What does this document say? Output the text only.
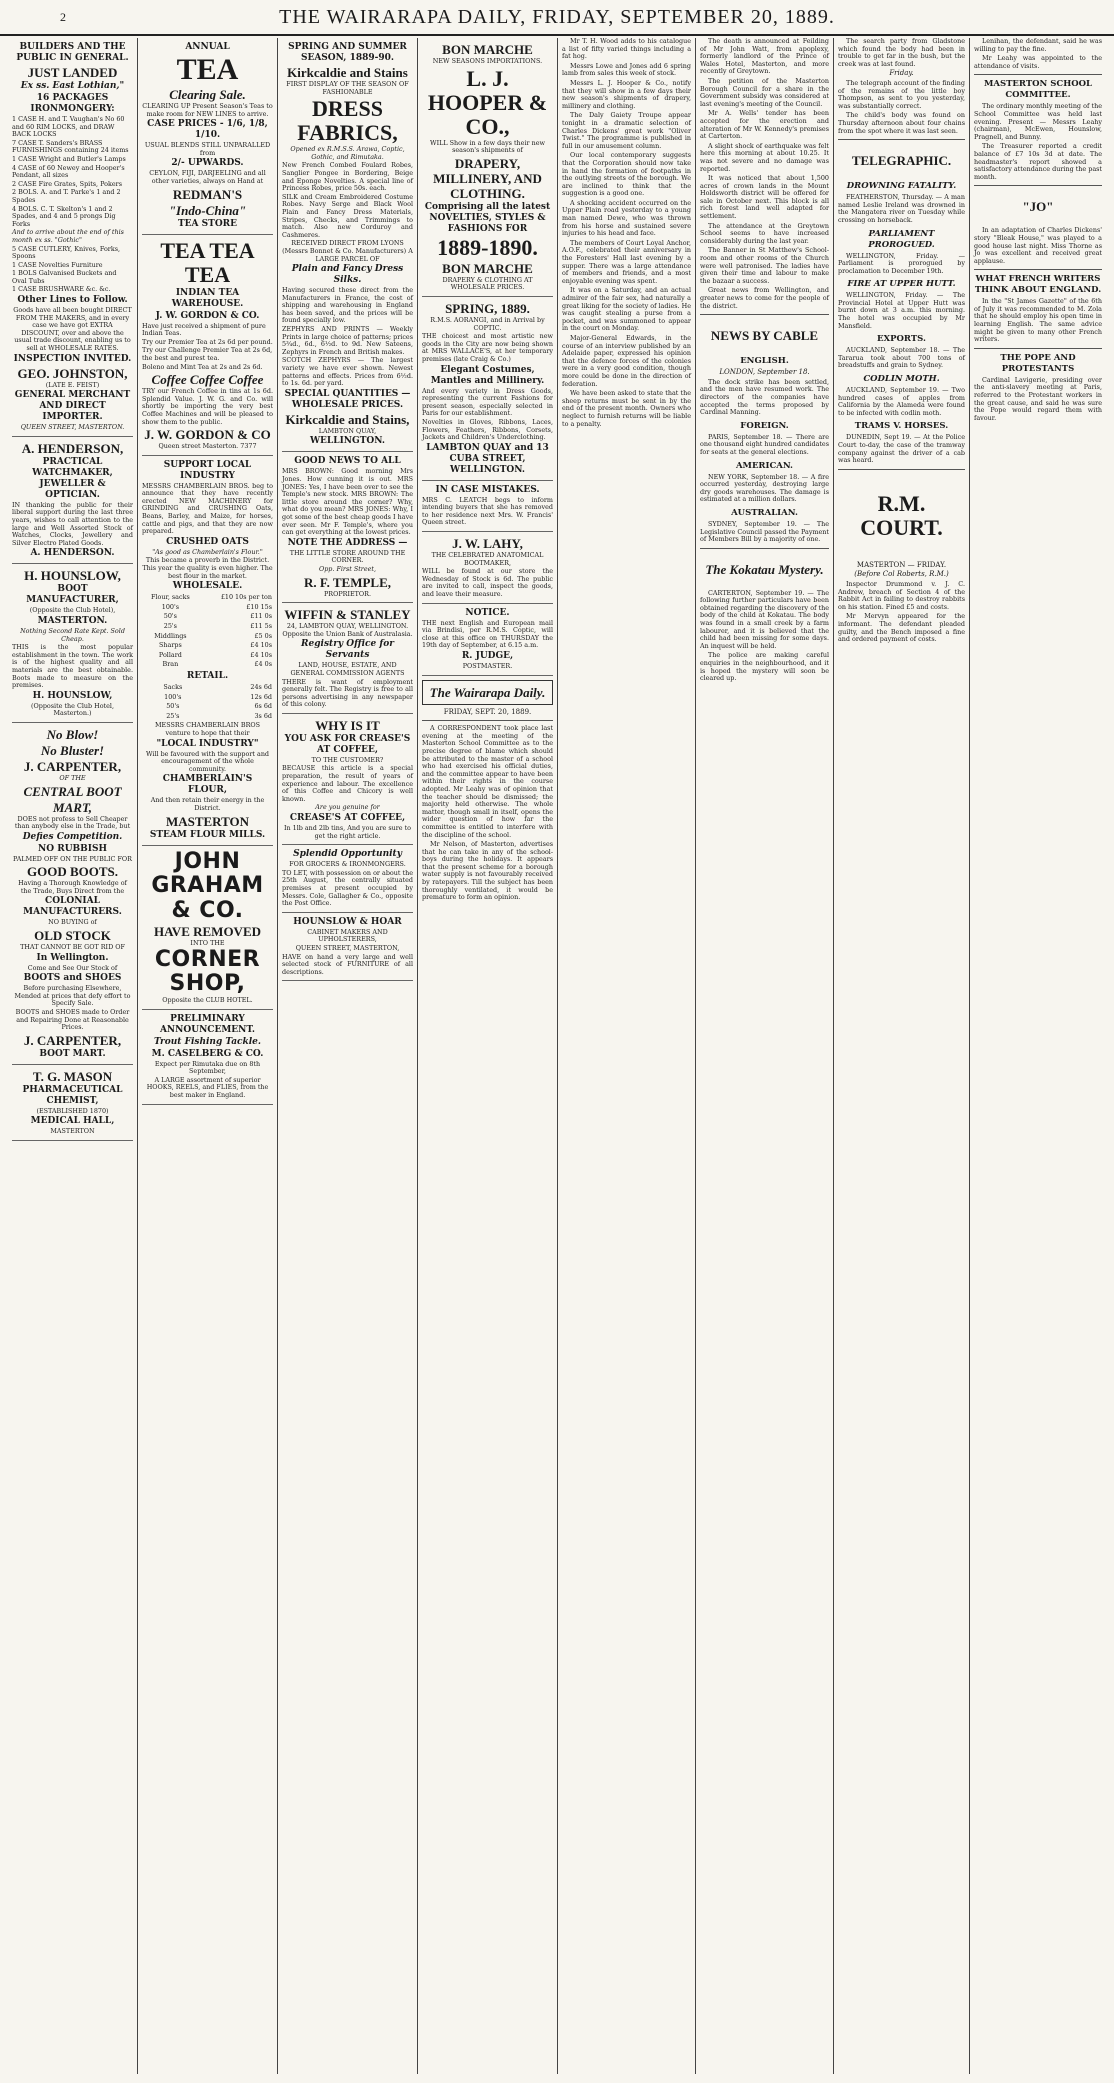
2	THE WAIRARAPA DAILY, FRIDAY, SEPTEMBER 20, 1889.

BUILDERS AND THE PUBLIC IN GENERAL.

JUST LANDED

Ex ss. East Lothian,"

16 PACKAGES IRONMONGERY:

1 CASE H. and T. Vaughan's No 60 and 60 RIM LOCKS, and DRAW BACK LOCKS

7 CASE T. Sanders's BRASS FURNISHINGS containing 24 items

1 CASE Wright and Butler's Lamps

4 CASE of 60 Newey and Hooper's Pendant, all sizes

2 CASE Fire Grates, Spits, Pokers

2 BOLS. A. and T. Parke's 1 and 2 Spades

4 BOLS. C. T. Skelton's 1 and 2 Spades, and 4 and 5 prongs Dig Forks

And to arrive about the end of this month ex ss. "Gothic"

5 CASE CUTLERY, Knives, Forks, Spoons

1 CASE Novelties Furniture

1 BOLS Galvanised Buckets and Oval Tubs

1 CASE BRUSHWARE &c. &c.

Other Lines to Follow.

Goods have all been bought DIRECT FROM THE MAKERS, and in every case we have got EXTRA DISCOUNT, over and above the usual trade discount, enabling us to sell at WHOLESALE RATES.

INSPECTION INVITED.

GEO. JOHNSTON,

(LATE E. FEIST)

GENERAL MERCHANT AND DIRECT IMPORTER.

QUEEN STREET, MASTERTON.

A. HENDERSON,

PRACTICAL WATCHMAKER, JEWELLER & OPTICIAN.

IN thanking the public for their liberal support during the last three years, wishes to call attention to the large and Well Assorted Stock of Watches, Clocks, Jewellery and Silver Electro Plated Goods.

A. HENDERSON.

H. HOUNSLOW,

BOOT MANUFACTURER,

(Opposite the Club Hotel),

MASTERTON.

Nothing Second Rate Kept. Sold Cheap.

THIS is the most popular establishment in the town. The work is of the highest quality and all materials are the best obtainable. Boots made to measure on the premises.

H. HOUNSLOW,

(Opposite the Club Hotel, Masterton.)

No Blow!

No Bluster!

J. CARPENTER,

OF THE

CENTRAL BOOT

MART,

DOES not profess to Sell Cheaper than anybody else in the Trade, but

Defies Competition.

NO RUBBISH

PALMED OFF ON THE PUBLIC FOR

GOOD BOOTS.

Having a Thorough Knowledge of the Trade, Buys Direct from the

COLONIAL MANUFACTURERS.

NO BUYING of

OLD STOCK

THAT CANNOT BE GOT RID OF

In Wellington.

Come and See Our Stock of

BOOTS and SHOES

Before purchasing Elsewhere, Mended at prices that defy effort to Specify Sale.

BOOTS and SHOES made to Order and Repairing Done at Reasonable Prices.

J. CARPENTER,

BOOT MART.

T. G. MASON

PHARMACEUTICAL CHEMIST,

(ESTABLISHED 1870)

MEDICAL HALL,

MASTERTON

ANNUAL

TEA

Clearing Sale.

CLEARING UP Present Season's Teas to make room for NEW LINES to arrive.

CASE PRICES - 1/6, 1/8, 1/10.

USUAL BLENDS STILL UNPARALLED from

2/- UPWARDS.

CEYLON, FIJI, DARJEELING and all other varieties, always on Hand at

REDMAN'S

"Indo-China"

TEA STORE

TEA TEA TEA

INDIAN TEA WAREHOUSE.

J. W. GORDON & CO.

Have just received a shipment of pure Indian Teas.

Try our Premier Tea at 2s 6d per pound.

Try our Challenge Premier Tea at 2s 6d, the best and purest tea.

Boleno and Mint Tea at 2s and 2s 6d.

Coffee Coffee Coffee

TRY our French Coffee in tins at 1s 6d. Splendid Value. J. W. G. and Co. will shortly be importing the very best Coffee Machines and will be pleased to show them to the public.

J. W. GORDON & CO

Queen street Masterton. 7377

SUPPORT LOCAL INDUSTRY

MESSRS CHAMBERLAIN BROS. beg to announce that they have recently erected NEW MACHINERY for GRINDING and CRUSHING Oats, Beans, Barley, and Maize, for horses, cattle and pigs, and that they are now prepared.

CRUSHED OATS

"As good as Chamberlain's Flour."

This became a proverb in the District. This year the quality is even higher. The best flour in the market.

WHOLESALE.

Flour, sacks	£10 10s per ton
100's	£10 15s
50's	£11 0s
25's	£11 5s
Middlings	£5 0s
Sharps	£4 10s
Pollard	£4 10s
Bran	£4 0s

RETAIL.

Sacks	24s 6d
100's	12s 6d
50's	6s 6d
25's	3s 6d

MESSRS CHAMBERLAIN BROS venture to hope that their

"LOCAL INDUSTRY"

Will be favoured with the support and encouragement of the whole community.

CHAMBERLAIN'S FLOUR,

And then retain their energy in the District.

MASTERTON

STEAM FLOUR MILLS.

JOHN GRAHAM

& CO.

HAVE REMOVED

INTO THE

CORNER SHOP,

Opposite the CLUB HOTEL.

PRELIMINARY ANNOUNCEMENT.

Trout Fishing Tackle.

M. CASELBERG & CO.

Expect per Rimutaka due on 8th September,

A LARGE assortment of superior HOOKS, REELS, and FLIES, from the best maker in England.

SPRING AND SUMMER SEASON, 1889-90.

Kirkcaldie and Stains

FIRST DISPLAY OF THE SEASON OF FASHIONABLE

DRESS FABRICS,

Opened ex R.M.S.S. Arawa, Coptic, Gothic, and Rimutaka.

New French Combed Foulard Robes, Sanglier Pongee in Bordering, Beige and Eponge Novelties. A special line of Princess Robes, price 50s. each.

SILK and Cream Embroidered Costume Robes. Navy Serge and Black Wool Plain and Fancy Dress Materials, Stripes, Checks, and Trimmings to match. Also new Corduroy and Cashmeres.

RECEIVED DIRECT FROM LYONS (Messrs Bonnet & Co. Manufacturers) A LARGE PARCEL OF

Plain and Fancy Dress Silks.

Having secured these direct from the Manufacturers in France, the cost of shipping and warehousing in England has been saved, and the prices will be found specially low.

ZEPHYRS AND PRINTS — Weekly Prints in large choice of patterns; prices 5¾d., 6d., 6½d. to 9d. New Sateens, Zephyrs in French and British makes.

SCOTCH ZEPHYRS — The largest variety we have ever shown. Newest patterns and effects. Prices from 6½d. to 1s. 6d. per yard.

SPECIAL QUANTITIES — WHOLESALE PRICES.

Kirkcaldie and Stains,

LAMBTON QUAY,

WELLINGTON.

GOOD NEWS TO ALL

MRS BROWN: Good morning Mrs Jones. How cunning it is out. MRS JONES: Yes, I have been over to see the Temple's new stock. MRS BROWN: The little store around the corner? Why, what do you mean? MRS JONES: Why, I got some of the best cheap goods I have ever seen. Mr F. Temple's, where you can get everything at the lowest prices.

NOTE THE ADDRESS —

THE LITTLE STORE AROUND THE CORNER.

Opp. First Street,

R. F. TEMPLE,

PROPRIETOR.

WIFFIN & STANLEY

24, LAMBTON QUAY, WELLINGTON. Opposite the Union Bank of Australasia.

Registry Office for Servants

LAND, HOUSE, ESTATE, AND GENERAL COMMISSION AGENTS

THERE is want of employment generally felt. The Registry is free to all persons advertising in any newspaper of this colony.

WHY IS IT

YOU ASK FOR CREASE'S AT COFFEE,

TO THE CUSTOMER?

BECAUSE this article is a special preparation, the result of years of experience and labour. The excellence of this Coffee and Chicory is well known.

Are you genuine for

CREASE'S AT COFFEE,

In 1lb and 2lb tins, And you are sure to get the right article.

Splendid Opportunity

FOR GROCERS & IRONMONGERS.

TO LET, with possession on or about the 25th August, the centrally situated premises at present occupied by Messrs. Cole, Gallagher & Co., opposite the Post Office.

HOUNSLOW & HOAR

CABINET MAKERS AND UPHOLSTERERS,

QUEEN STREET, MASTERTON,

HAVE on hand a very large and well selected stock of FURNITURE of all descriptions.

BON MARCHE

NEW SEASONS IMPORTATIONS.

L. J. HOOPER & CO.,

WILL Show in a few days their new season's shipments of

DRAPERY, MILLINERY, AND CLOTHING.

Comprising all the latest NOVELTIES, STYLES & FASHIONS FOR

1889-1890.

BON MARCHE

DRAPERY & CLOTHING AT WHOLESALE PRICES.

SPRING, 1889.

R.M.S. AORANGI, and in Arrival by COPTIC.

THE choicest and most artistic new goods in the City are now being shown at MRS WALLACE'S, at her temporary premises (late Craig & Co.)

Elegant Costumes, Mantles and Millinery.

And every variety in Dress Goods, representing the current Fashions for present season, especially selected in Paris for our establishment.

Novelties in Gloves, Ribbons, Laces, Flowers, Feathers, Ribbons, Corsets, Jackets and Children's Underclothing.

LAMBTON QUAY and 13 CUBA STREET, WELLINGTON.

IN CASE MISTAKES.

MRS C. LEATCH begs to inform intending buyers that she has removed to her residence next Mrs. W. Francis' Queen street.

J. W. LAHY,

THE CELEBRATED ANATOMICAL BOOTMAKER,

WILL be found at our store the Wednesday of Stock is 6d. The public are invited to call, inspect the goods, and leave their measure.

NOTICE.

THE next English and European mail via Brindisi, per R.M.S. Coptic, will close at this office on THURSDAY the 19th day of September, at 6.15 a.m.

R. JUDGE,

POSTMASTER.

The Wairarapa Daily.

FRIDAY, SEPT. 20, 1889.

A CORRESPONDENT took place last evening at the meeting of the Masterton School Committee as to the precise degree of blame which should be attributed to the master of a school who had exercised his official duties, and the committee appear to have been within their rights in the course adopted. Mr Leahy was of opinion that the teacher should be dismissed; the majority held otherwise. The whole matter, though small in itself, opens the wider question of how far the committee is entitled to interfere with the discipline of the school.

Mr Nelson, of Masterton, advertises that he can take in any of the school-boys during the holidays. It appears that the present scheme for a borough water supply is not favourably received by ratepayers. Till the subject has been thoroughly ventilated, it would be premature to form an opinion.

Mr T. H. Wood adds to his catalogue a list of fifty varied things including a fat hog.

Messrs Lowe and Jones add 6 spring lamb from sales this week of stock.

Messrs L. J. Hooper & Co., notify that they will show in a few days their new season's shipments of drapery, millinery and clothing.

The Daly Gaiety Troupe appear tonight in a dramatic selection of Charles Dickens' great work "Oliver Twist." The programme is published in full in our amusement column.

Our local contemporary suggests that the Corporation should now take in hand the formation of footpaths in the outlying streets of the borough. We are inclined to think that the suggestion is a good one.

A shocking accident occurred on the Upper Plain road yesterday to a young man named Dewe, who was thrown from his horse and sustained severe injuries to his head and face.

The members of Court Loyal Anchor, A.O.F., celebrated their anniversary in the Foresters' Hall last evening by a supper. There was a large attendance of members and friends, and a most enjoyable evening was spent.

It was on a Saturday, and an actual admirer of the fair sex, had naturally a great liking for the society of ladies. He was caught stealing a purse from a pocket, and was summoned to appear in the court on Monday.

Major-General Edwards, in the course of an interview published by an Adelaide paper, expressed his opinion that the defence forces of the colonies were in a very good condition, though more could be done in the direction of federation.

We have been asked to state that the sheep returns must be sent in by the end of the present month. Owners who neglect to furnish returns will be liable to a penalty.

The death is announced at Feilding of Mr John Watt, from apoplexy, formerly landlord of the Prince of Wales Hotel, Masterton, and more recently of Greytown.

The petition of the Masterton Borough Council for a share in the Government subsidy was considered at last evening's meeting of the Council.

Mr A. Wells' tender has been accepted for the erection and alteration of Mr W. Kennedy's premises at Carterton.

A slight shock of earthquake was felt here this morning at about 10.25. It was not severe and no damage was reported.

It was noticed that about 1,500 acres of crown lands in the Mount Holdsworth district will be offered for sale in October next. This block is all rich forest land well adapted for settlement.

The attendance at the Greytown School seems to have increased considerably during the last year.

The Banner in St Matthew's School-room and other rooms of the Church were well patronised. The ladies have given their time and labour to make the bazaar a success.

Great news from Wellington, and greater news to come for the people of the district.

NEWS BY CABLE

ENGLISH.

LONDON, September 18.

The dock strike has been settled, and the men have resumed work. The directors of the companies have accepted the terms proposed by Cardinal Manning.

FOREIGN.

PARIS, September 18. — There are one thousand eight hundred candidates for seats at the general elections.

AMERICAN.

NEW YORK, September 18. — A fire occurred yesterday, destroying large dry goods warehouses. The damage is estimated at a million dollars.

AUSTRALIAN.

SYDNEY, September 19. — The Legislative Council passed the Payment of Members Bill by a majority of one.

The Kokatau Mystery.

CARTERTON, September 19. — The following further particulars have been obtained regarding the discovery of the body of the child at Kokatau. The body was found in a small creek by a farm labourer, and it is believed that the child had been missing for some days. An inquest will be held.

The police are making careful enquiries in the neighbourhood, and it is hoped the mystery will soon be cleared up.

The search party from Gladstone which found the body had been in trouble to get far in the bush, but the creek was at last found.

Friday.

The telegraph account of the finding of the remains of the little boy Thompson, as sent to you yesterday, was substantially correct.

The child's body was found on Thursday afternoon about four chains from the spot where it was last seen.

TELEGRAPHIC.

DROWNING FATALITY.

FEATHERSTON, Thursday. — A man named Leslie Ireland was drowned in the Mangatera river on Tuesday while crossing on horseback.

PARLIAMENT PROROGUED.

WELLINGTON, Friday. — Parliament is prorogued by proclamation to December 19th.

FIRE AT UPPER HUTT.

WELLINGTON, Friday. — The Provincial Hotel at Upper Hutt was burnt down at 3 a.m. this morning. The hotel was occupied by Mr Mansfield.

EXPORTS.

AUCKLAND, September 18. — The Tararua took about 700 tons of breadstuffs and grain to Sydney.

CODLIN MOTH.

AUCKLAND, September 19. — Two hundred cases of apples from California by the Alameda were found to be infected with codlin moth.

TRAMS V. HORSES.

DUNEDIN, Sept 19. — At the Police Court to-day, the case of the tramway company against the driver of a cab was heard.

R.M. COURT.

MASTERTON — FRIDAY.

(Before Col Roberts, R.M.)

Inspector Drummond v. J. C. Andrew, breach of Section 4 of the Rabbit Act in failing to destroy rabbits on his station. Fined £5 and costs.

Mr Mervyn appeared for the informant. The defendant pleaded guilty, and the Bench imposed a fine and ordered payment of costs.

Lenihan, the defendant, said he was willing to pay the fine.

Mr Leahy was appointed to the attendance of visits.

MASTERTON SCHOOL COMMITTEE.

The ordinary monthly meeting of the School Committee was held last evening. Present — Messrs Leahy (chairman), McEwen, Hounslow, Pragnell, and Bunny.

The Treasurer reported a credit balance of £7 10s 3d at date. The headmaster's report showed a satisfactory attendance during the past month.

"JO"

In an adaptation of Charles Dickens' story "Bleak House," was played to a good house last night. Miss Thorne as Jo was excellent and received great applause.

WHAT FRENCH WRITERS THINK ABOUT ENGLAND.

In the "St James Gazette" of the 6th of July it was recommended to M. Zola that he should employ his open time in learning English. The same advice might be given to many other French writers.

THE POPE AND PROTESTANTS

Cardinal Lavigerie, presiding over the anti-slavery meeting at Paris, referred to the Protestant workers in the great cause, and said he was sure the Pope would regard them with favour.
